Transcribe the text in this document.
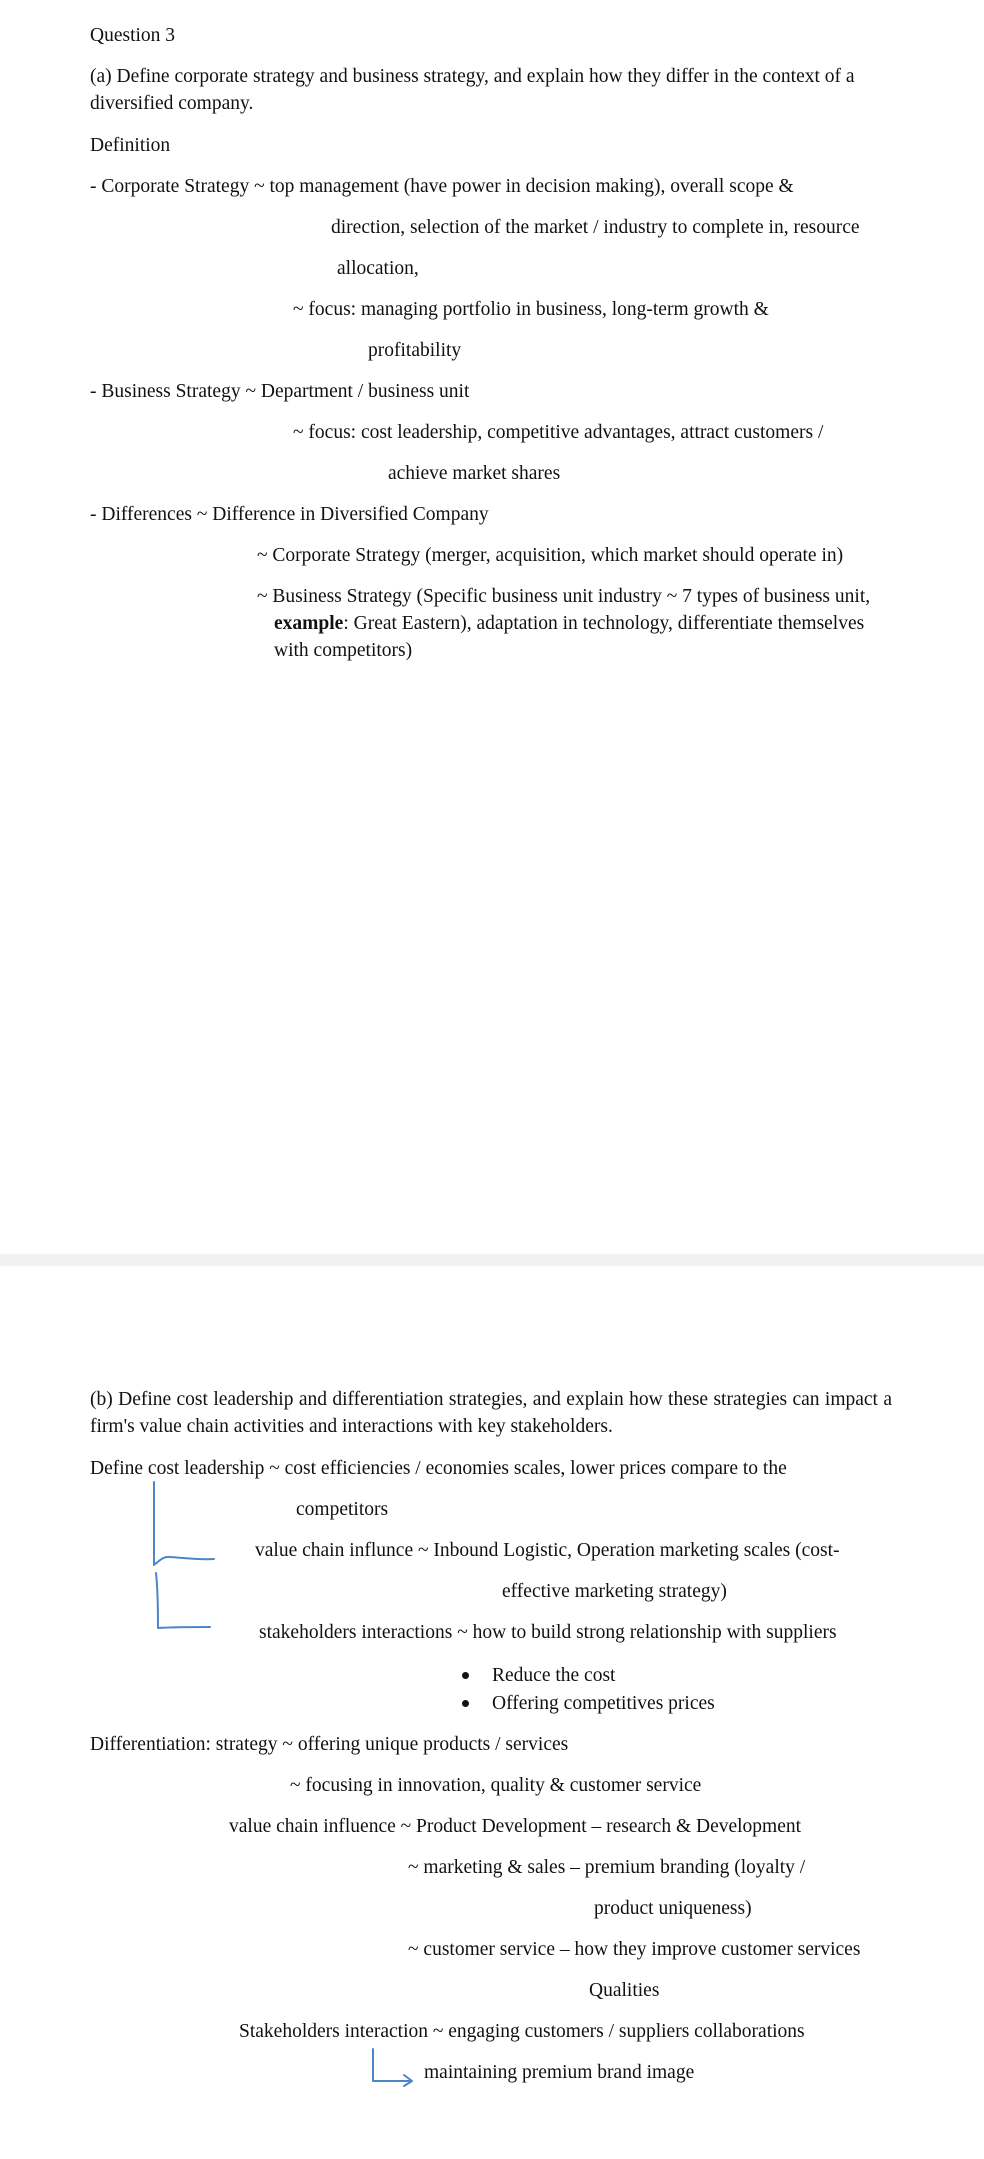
Question 3

(a) Define corporate strategy and business strategy, and explain how they differ in the context of a diversified company.

Definition

- Corporate Strategy ~ top management (have power in decision making), overall scope &

direction, selection of the market / industry to complete in, resource

allocation,

~ focus: managing portfolio in business, long-term growth &

profitability

- Business Strategy ~ Department / business unit

~ focus: cost leadership, competitive advantages, attract customers /

achieve market shares

- Differences ~ Difference in Diversified Company

~ Corporate Strategy (merger, acquisition, which market should operate in)

~ Business Strategy (Specific business unit industry ~ 7 types of business unit, example: Great Eastern), adaptation in technology, differentiate themselves with competitors)

(b) Define cost leadership and differentiation strategies, and explain how these strategies can impact a firm's value chain activities and interactions with key stakeholders.

Define cost leadership ~ cost efficiencies / economies scales, lower prices compare to the

competitors

value chain influnce ~ Inbound Logistic, Operation marketing scales (cost-

effective marketing strategy)

stakeholders interactions ~ how to build strong relationship with suppliers

Reduce the cost

Offering competitives prices

Differentiation: strategy ~ offering unique products / services

~ focusing in innovation, quality & customer service

value chain influence ~ Product Development – research & Development

~ marketing & sales – premium branding (loyalty /

product uniqueness)

~ customer service – how they improve customer services

Qualities

Stakeholders interaction ~ engaging customers / suppliers collaborations

maintaining premium brand image
